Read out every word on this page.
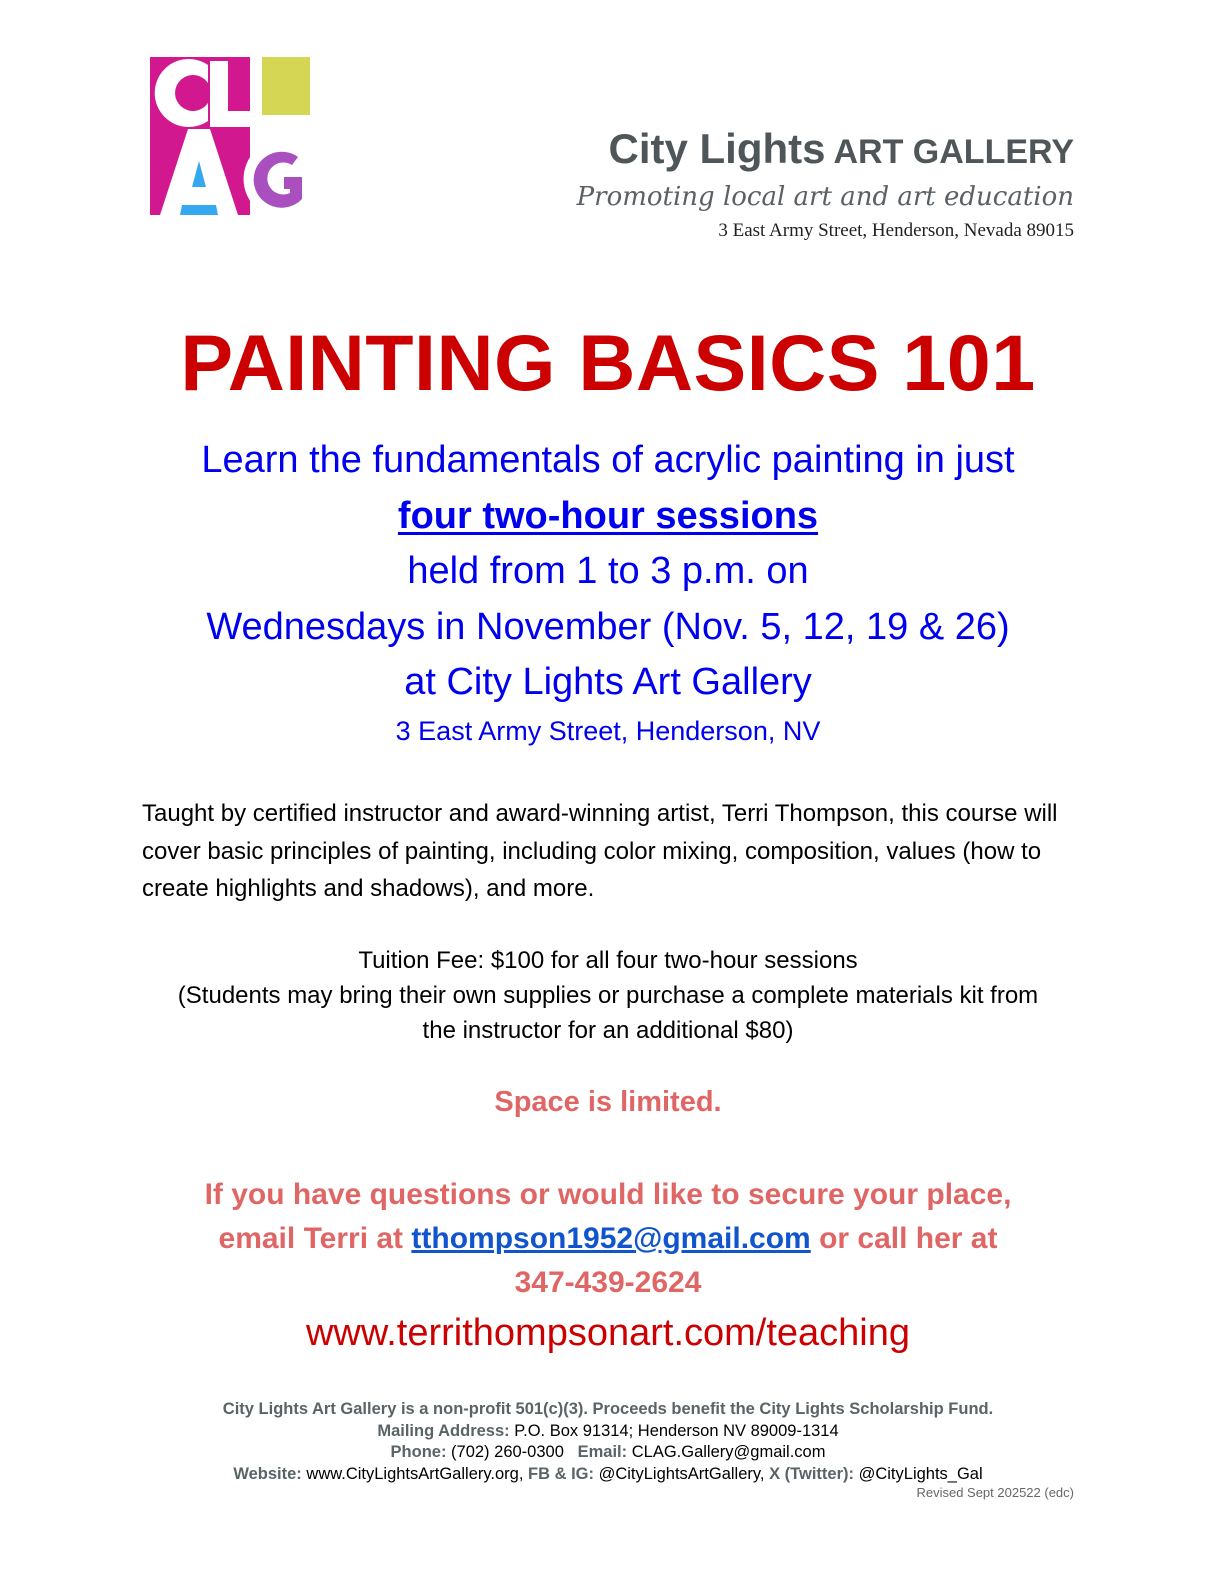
City Lights ART GALLERY
Promoting local art and art education
3 East Army Street, Henderson, Nevada 89015
PAINTING BASICS 101
Learn the fundamentals of acrylic painting in just
four two-hour sessions
held from 1 to 3 p.m. on
Wednesdays in November (Nov. 5, 12, 19 & 26)
at City Lights Art Gallery
3 East Army Street, Henderson, NV

Taught by certified instructor and award-winning artist, Terri Thompson, this course will cover basic principles of painting, including color mixing, composition, values (how to create highlights and shadows), and more.

Tuition Fee: $100 for all four two-hour sessions
(Students may bring their own supplies or purchase a complete materials kit from
the instructor for an additional $80)
Space is limited.
If you have questions or would like to secure your place,
email Terri at tthompson1952@gmail.com or call her at
347-439-2624
www.territhompsonart.com/teaching
City Lights Art Gallery is a non-profit 501(c)(3). Proceeds benefit the City Lights Scholarship Fund.
Mailing Address: P.O. Box 91314; Henderson NV 89009-1314
Phone: (702) 260-0300   Email: CLAG.Gallery@gmail.com
Website: www.CityLightsArtGallery.org, FB & IG: @CityLightsArtGallery, X (Twitter): @CityLights_Gal
Revised Sept 202522 (edc)
